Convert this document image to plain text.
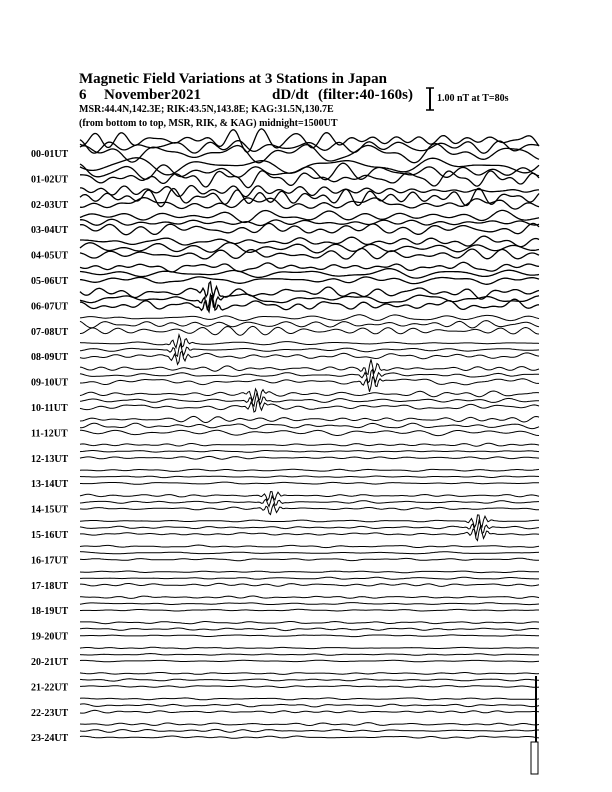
Magnetic Field Variations at 3 Stations in Japan
6 November 2021	dD/dt (filter:40-160s)
MSR:44.4N,142.3E; RIK:43.5N,143.8E; KAG:31.5N,130.7E
(from bottom to top, MSR, RIK, & KAG) midnight=1500UT
1.00 nT at T=80s
00-01UT
01-02UT
02-03UT
03-04UT
04-05UT
05-06UT
06-07UT
07-08UT
08-09UT
09-10UT
10-11UT
11-12UT
12-13UT
13-14UT
14-15UT
15-16UT
16-17UT
17-18UT
18-19UT
19-20UT
20-21UT
21-22UT
22-23UT
23-24UT
